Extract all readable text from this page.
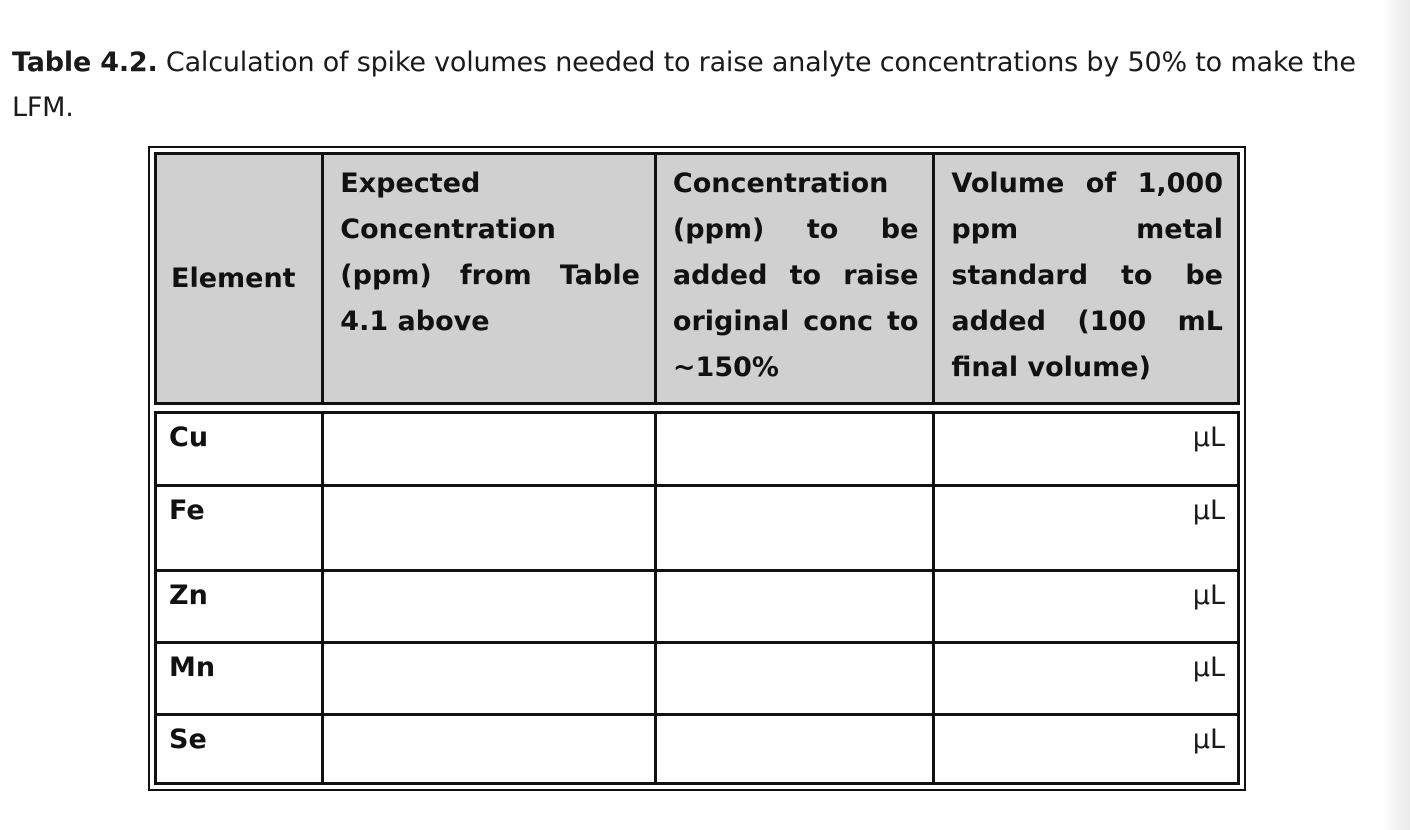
Table 4.2. Calculation of spike volumes needed to raise analyte concentrations by 50% to make the LFM.
Element	Expected Concentration (ppm) from Table 4.1 above	Concentration (ppm) to be added to raise original conc to ~150%	Volume of 1,000 ppm metal standard to be added (100 mL final volume)

Cu			µL
Fe			µL
Zn			µL
Mn			µL
Se			µL
